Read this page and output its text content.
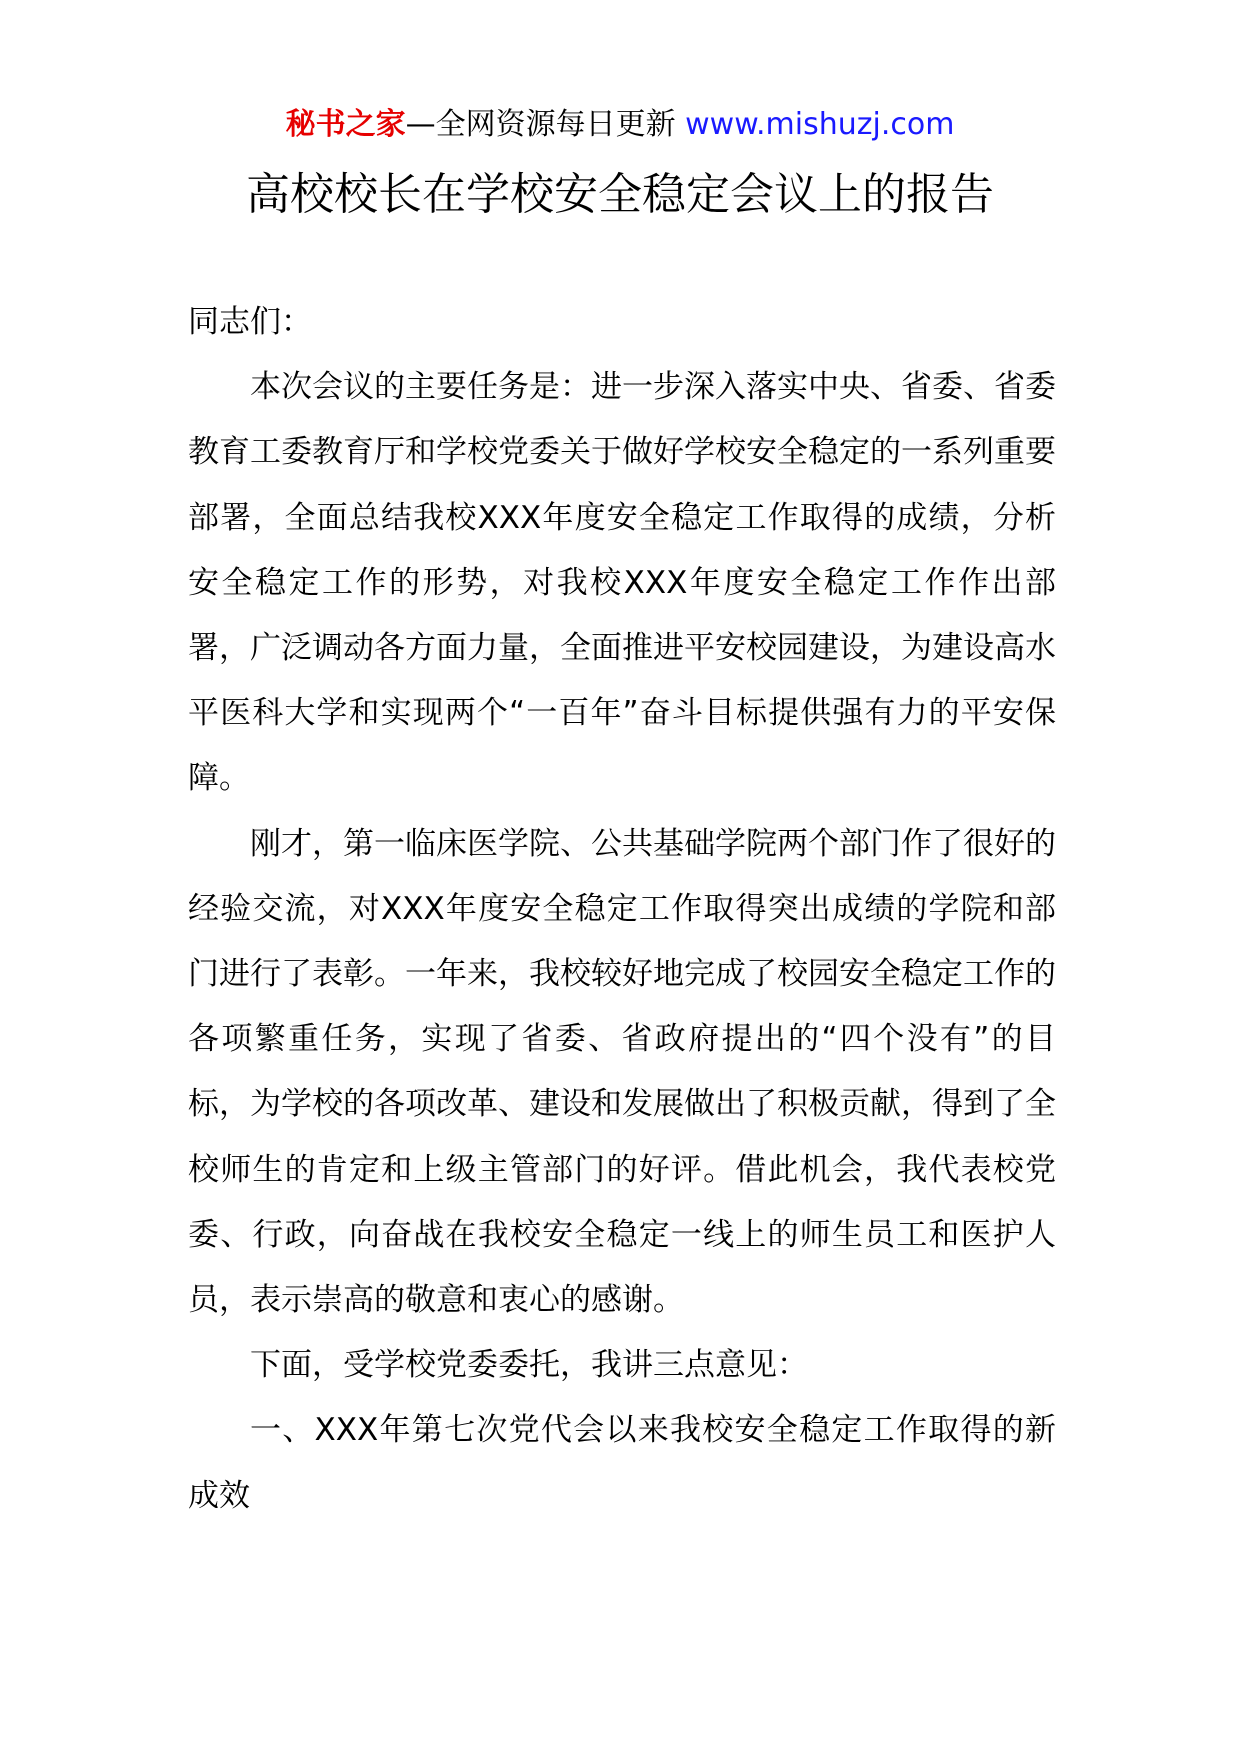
秘书之家—全网资源每日更新 www.mishuzj.com
高校校长在学校安全稳定会议上的报告

同志们：

本次会议的主要任务是：进一步深入落实中央、省委、省委教育工委教育厅和学校党委关于做好学校安全稳定的一系列重要部署，全面总结我校XXX年度安全稳定工作取得的成绩，分析安全稳定工作的形势，对我校XXX年度安全稳定工作作出部署，广泛调动各方面力量，全面推进平安校园建设，为建设高水平医科大学和实现两个“一百年”奋斗目标提供强有力的平安保障。

刚才，第一临床医学院、公共基础学院两个部门作了很好的经验交流，对XXX年度安全稳定工作取得突出成绩的学院和部门进行了表彰。一年来，我校较好地完成了校园安全稳定工作的各项繁重任务，实现了省委、省政府提出的“四个没有”的目标，为学校的各项改革、建设和发展做出了积极贡献，得到了全校师生的肯定和上级主管部门的好评。借此机会，我代表校党委、行政，向奋战在我校安全稳定一线上的师生员工和医护人员，表示崇高的敬意和衷心的感谢。

下面，受学校党委委托，我讲三点意见：

一、XXX年第七次党代会以来我校安全稳定工作取得的新成效
